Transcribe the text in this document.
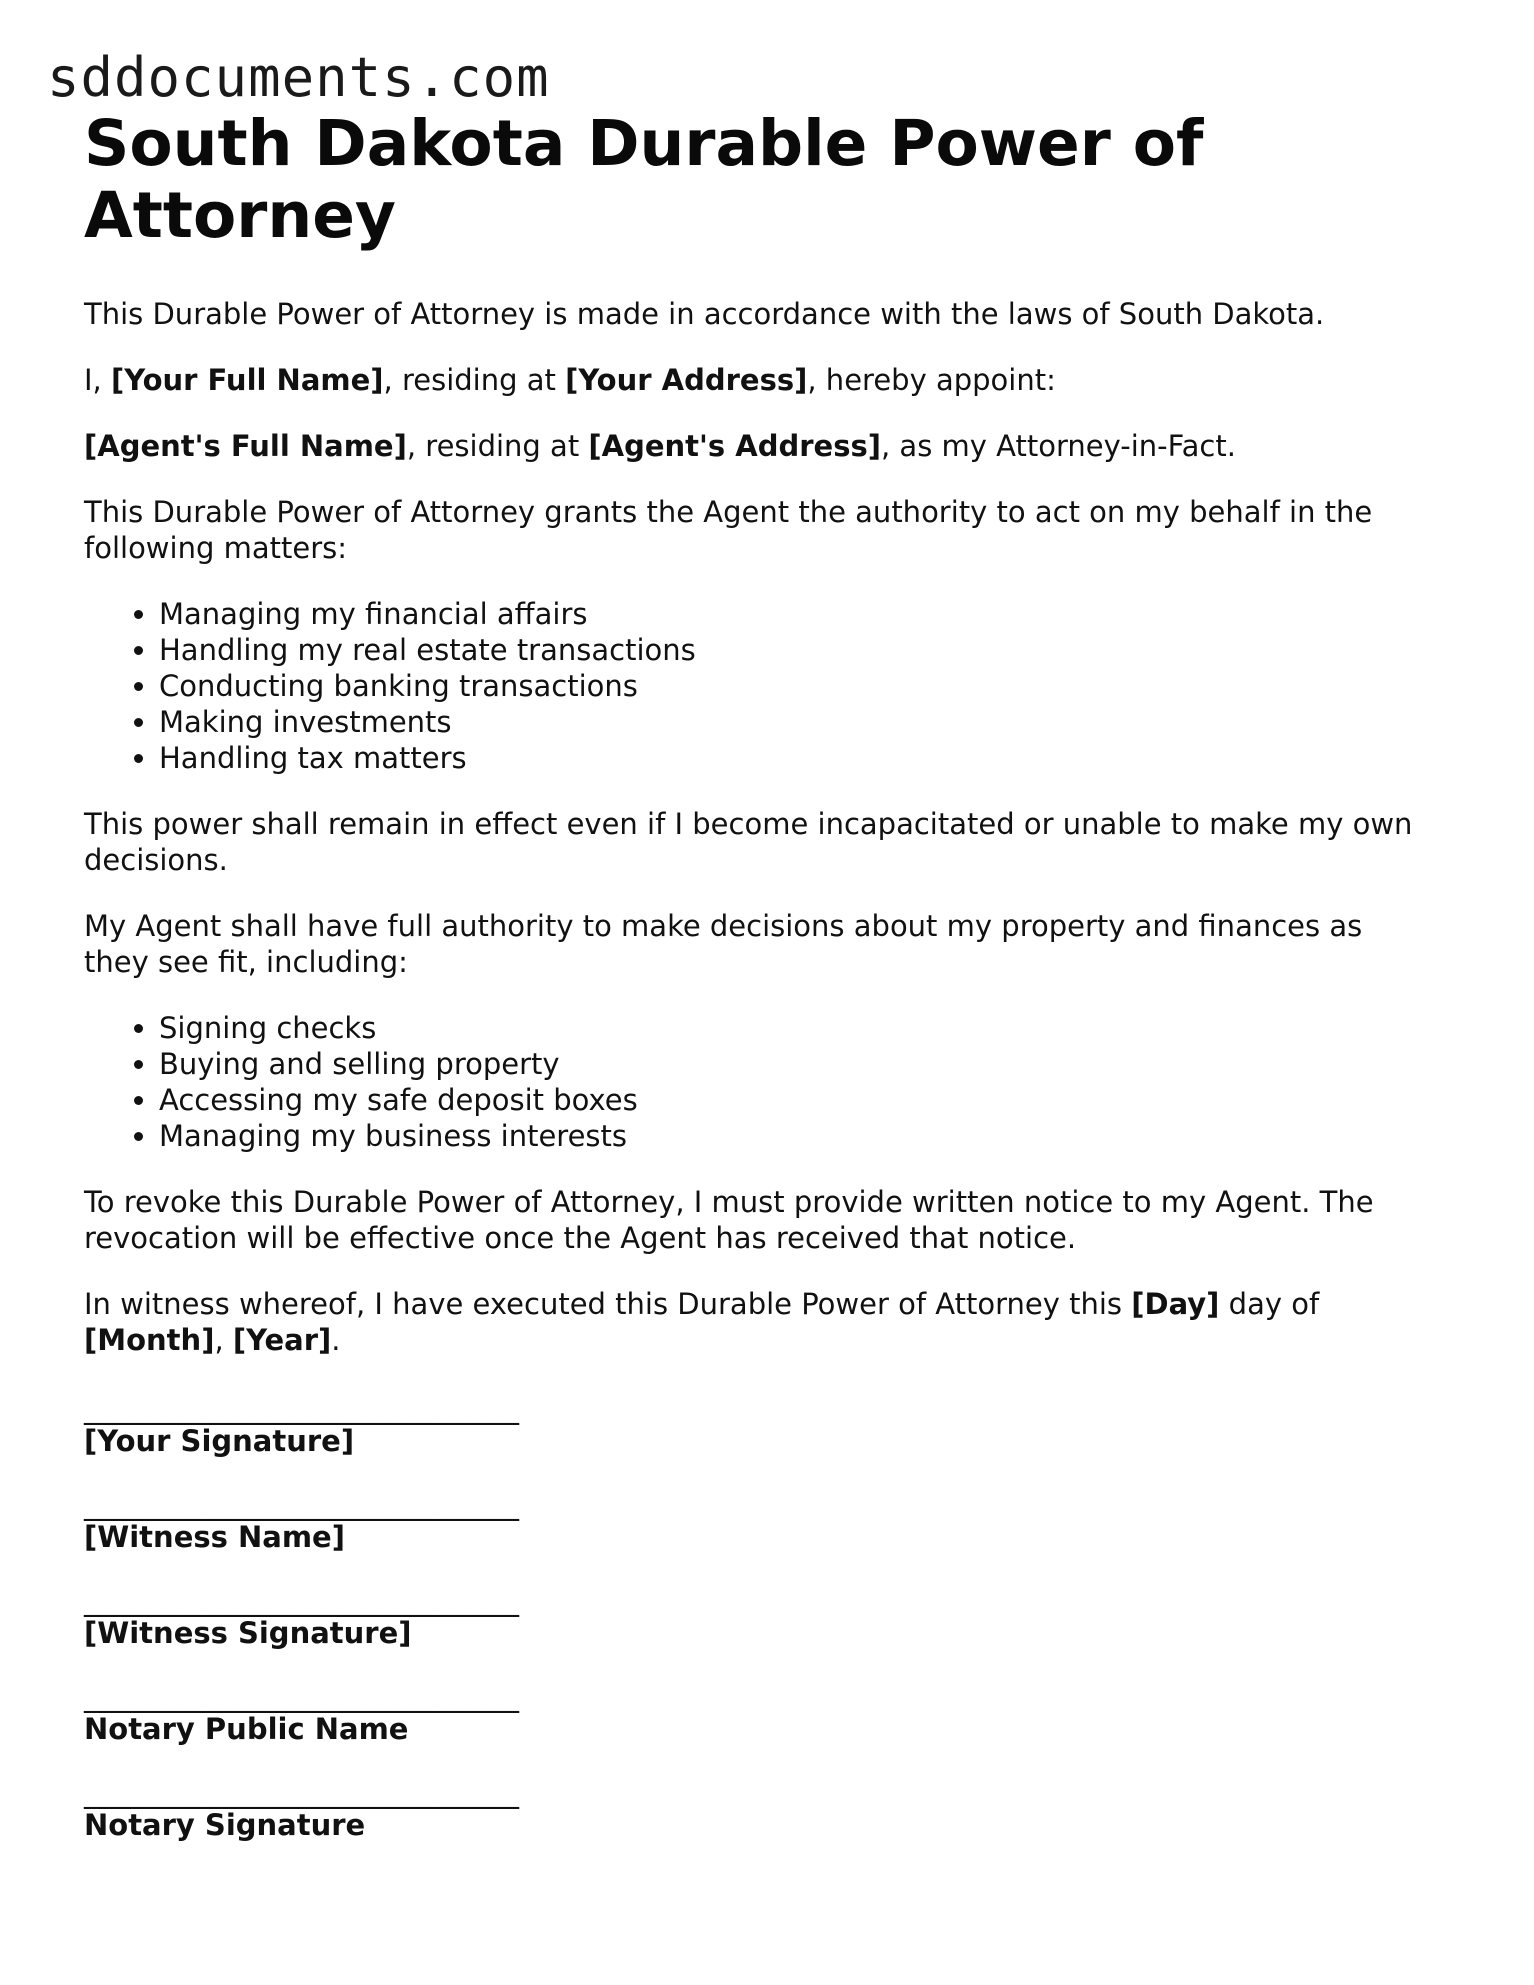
sddocuments.com
South Dakota Durable Power of Attorney

This Durable Power of Attorney is made in accordance with the laws of South Dakota.

I, [Your Full Name], residing at [Your Address], hereby appoint:

[Agent's Full Name], residing at [Agent's Address], as my Attorney-in-Fact.

This Durable Power of Attorney grants the Agent the authority to act on my behalf in the following matters:

• Managing my financial affairs
• Handling my real estate transactions
• Conducting banking transactions
• Making investments
• Handling tax matters

This power shall remain in effect even if I become incapacitated or unable to make my own decisions.

My Agent shall have full authority to make decisions about my property and finances as they see fit, including:

• Signing checks
• Buying and selling property
• Accessing my safe deposit boxes
• Managing my business interests

To revoke this Durable Power of Attorney, I must provide written notice to my Agent. The revocation will be effective once the Agent has received that notice.

In witness whereof, I have executed this Durable Power of Attorney this [Day] day of [Month], [Year].

______________________________
[Your Signature]
______________________________
[Witness Name]
______________________________
[Witness Signature]
______________________________
Notary Public Name
______________________________
Notary Signature
